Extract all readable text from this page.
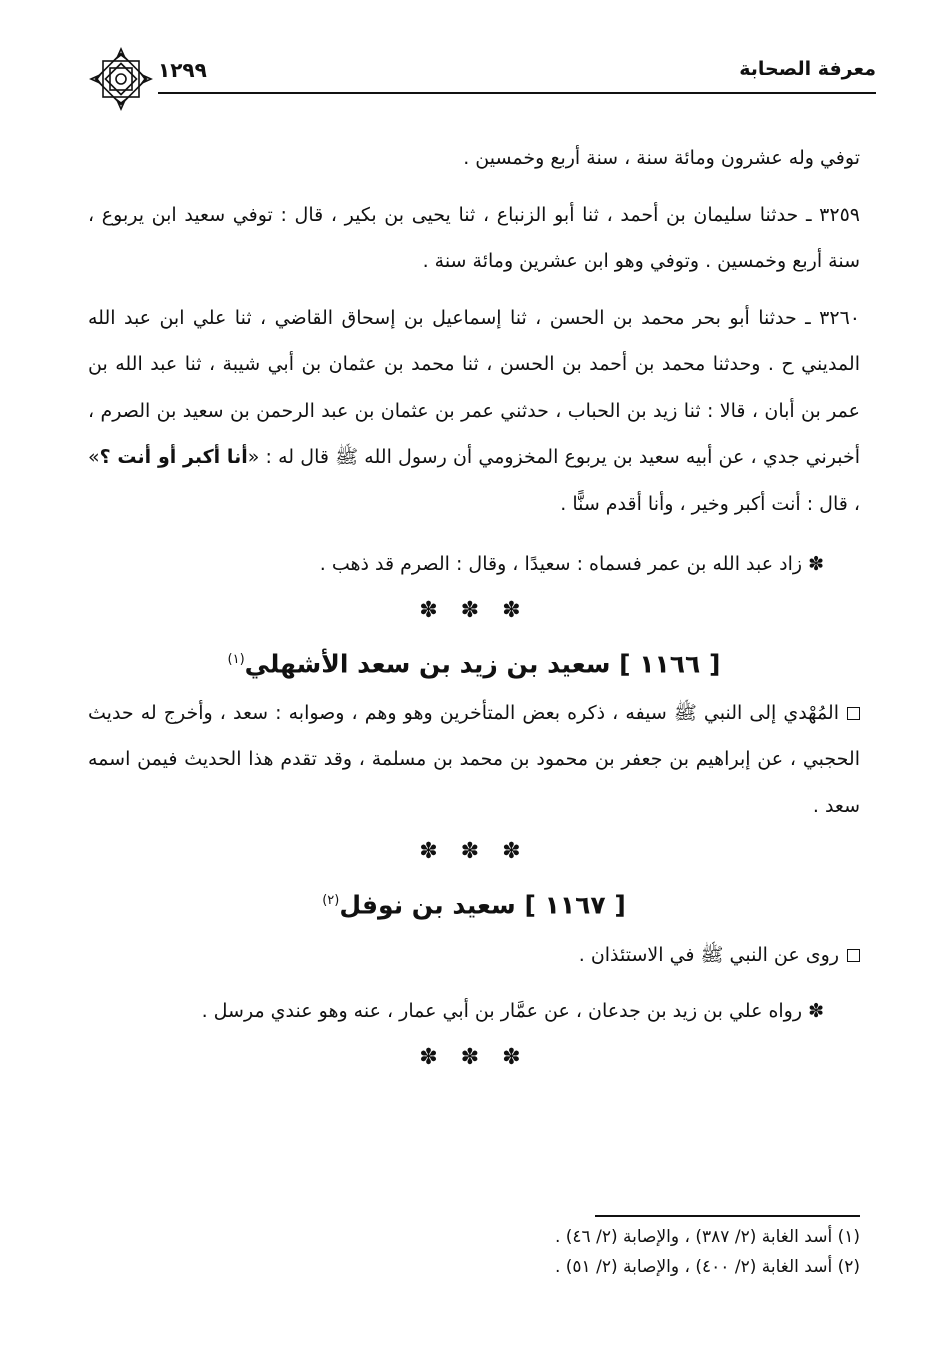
معرفة الصحابة
١٢٩٩

توفي وله عشرون ومائة سنة ، سنة أربع وخمسين .

٣٢٥٩ ـ حدثنا سليمان بن أحمد ، ثنا أبو الزنباع ، ثنا يحيى بن بكير ، قال : توفي سعيد ابن يربوع ، سنة أربع وخمسين . وتوفي وهو ابن عشرين ومائة سنة .

٣٢٦٠ ـ حدثنا أبو بحر محمد بن الحسن ، ثنا إسماعيل بن إسحاق القاضي ، ثنا علي ابن عبد الله المديني ح . وحدثنا محمد بن أحمد بن الحسن ، ثنا محمد بن عثمان بن أبي شيبة ، ثنا عبد الله بن عمر بن أبان ، قالا : ثنا زيد بن الحباب ، حدثني عمر بن عثمان بن عبد الرحمن بن سعيد بن الصرم ، أخبرني جدي ، عن أبيه سعيد بن يربوع المخزومي أن رسول الله ﷺ قال له : «أنا أكبر أو أنت ؟» ، قال : أنت أكبر وخير ، وأنا أقدم سنًّا .

✽ زاد عبد الله بن عمر فسماه : سعيدًا ، وقال : الصرم قد ذهب .

✽ ✽ ✽

[ ١١٦٦ ] سعيد بن زيد بن سعد الأشهلي$^{(١)}$

المُهْدي إلى النبي ﷺ سيفه ، ذكره بعض المتأخرين وهو وهم ، وصوابه : سعد ، وأخرج له حديث الحجبي ، عن إبراهيم بن جعفر بن محمود بن محمد بن مسلمة ، وقد تقدم هذا الحديث فيمن اسمه سعد .

✽ ✽ ✽

[ ١١٦٧ ] سعيد بن نوفل$^{(٢)}$

روى عن النبي ﷺ في الاستئذان .

✽ رواه علي بن زيد بن جدعان ، عن عمَّار بن أبي عمار ، عنه وهو عندي مرسل .

✽ ✽ ✽

(١) أسد الغابة (٢/ ٣٨٧) ، والإصابة (٢/ ٤٦) .

(٢) أسد الغابة (٢/ ٤٠٠) ، والإصابة (٢/ ٥١) .
